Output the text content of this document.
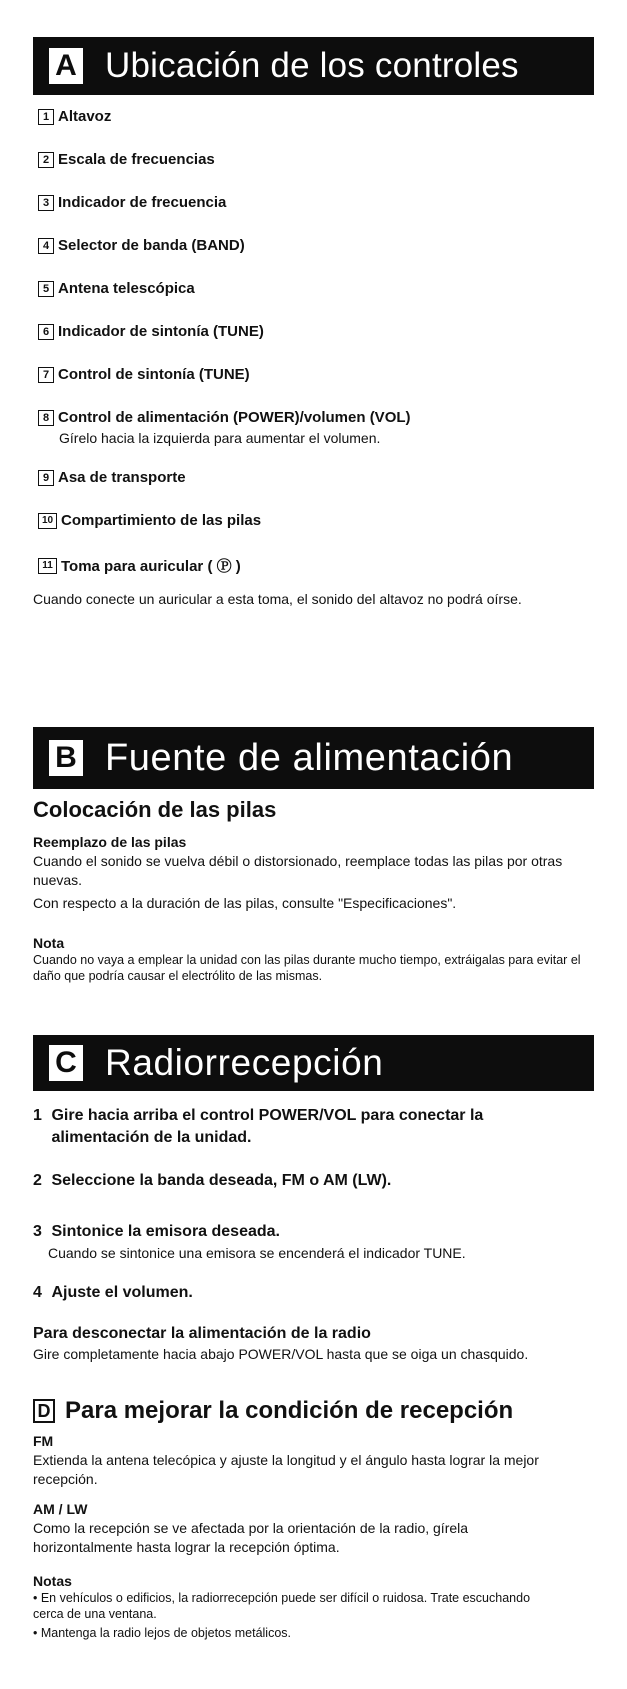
A Ubicación de los controles
1 Altavoz
2 Escala de frecuencias
3 Indicador de frecuencia
4 Selector de banda (BAND)
5 Antena telescópica
6 Indicador de sintonía (TUNE)
7 Control de sintonía (TUNE)
8 Control de alimentación (POWER)/volumen (VOL)
Gírelo hacia la izquierda para aumentar el volumen.
9 Asa de transporte
10 Compartimiento de las pilas
11 Toma para auricular ( Ⓟ )
Cuando conecte un auricular a esta toma, el sonido del altavoz no podrá oírse.
B Fuente de alimentación
Colocación de las pilas
Reemplazo de las pilas
Cuando el sonido se vuelva débil o distorsionado, reemplace todas las pilas por otras nuevas.
Con respecto a la duración de las pilas, consulte "Especificaciones".
Nota
Cuando no vaya a emplear la unidad con las pilas durante mucho tiempo, extráigalas para evitar el daño que podría causar el electrólito de las mismas.
C Radiorrecepción
1 Gire hacia arriba el control POWER/VOL para conectar la alimentación de la unidad.
2 Seleccione la banda deseada, FM o AM (LW).
3 Sintonice la emisora deseada.
Cuando se sintonice una emisora se encenderá el indicador TUNE.
4 Ajuste el volumen.
Para desconectar la alimentación de la radio
Gire completamente hacia abajo POWER/VOL hasta que se oiga un chasquido.
D Para mejorar la condición de recepción
FM
Extienda la antena telecópica y ajuste la longitud y el ángulo hasta lograr la mejor recepción.
AM / LW
Como la recepción se ve afectada por la orientación de la radio, gírela horizontalmente hasta lograr la recepción óptima.
Notas
• En vehículos o edificios, la radiorrecepción puede ser difícil o ruidosa. Trate escuchando cerca de una ventana.
• Mantenga la radio lejos de objetos metálicos.
